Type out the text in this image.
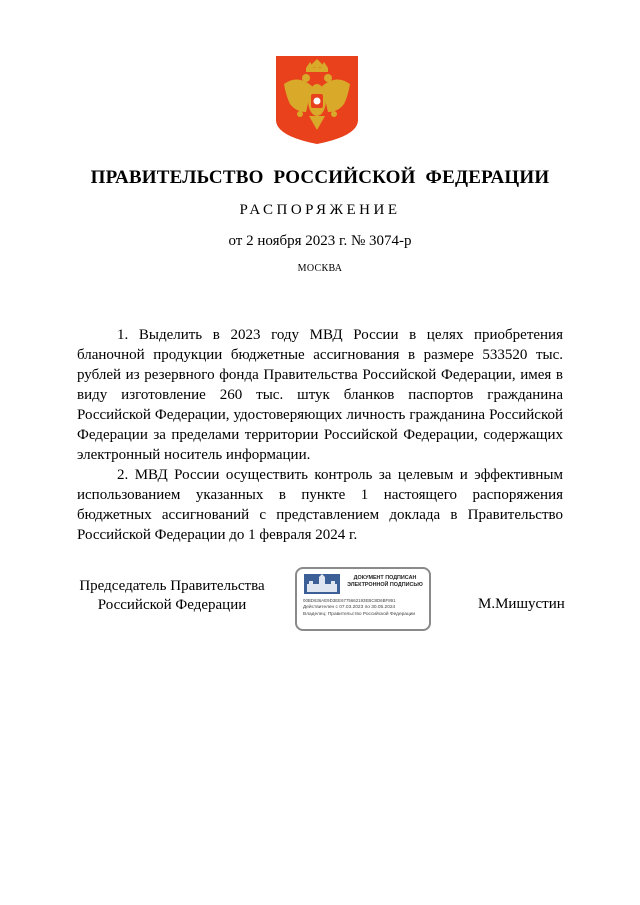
ПРАВИТЕЛЬСТВО РОССИЙСКОЙ ФЕДЕРАЦИИ
РАСПОРЯЖЕНИЕ
от 2 ноября 2023 г. № 3074-р
МОСКВА

1. Выделить в 2023 году МВД России в целях приобретения бланочной продукции бюджетные ассигнования в размере 533520 тыс. рублей из резервного фонда Правительства Российской Федерации, имея в виду изготовление 260 тыс. штук бланков паспортов гражданина Российской Федерации, удостоверяющих личность гражданина Российской Федерации за пределами территории Российской Федерации, содержащих электронный носитель информации.

2. МВД России осуществить контроль за целевым и эффективным использованием указанных в пункте 1 настоящего распоряжения бюджетных ассигнований с представлением доклада в Правительство Российской Федерации до 1 февраля 2024 г.

Председатель Правительства
Российской Федерации
ДОКУМЕНТ ПОДПИСАН
ЭЛЕКТРОННОЙ ПОДПИСЬЮ
00BD636AE9D3EE6775662193EBC8D6BF891
Действителен с 07.03.2023 по 30.05.2024
Владелец: Правительство Российской Федерации
М.Мишустин
